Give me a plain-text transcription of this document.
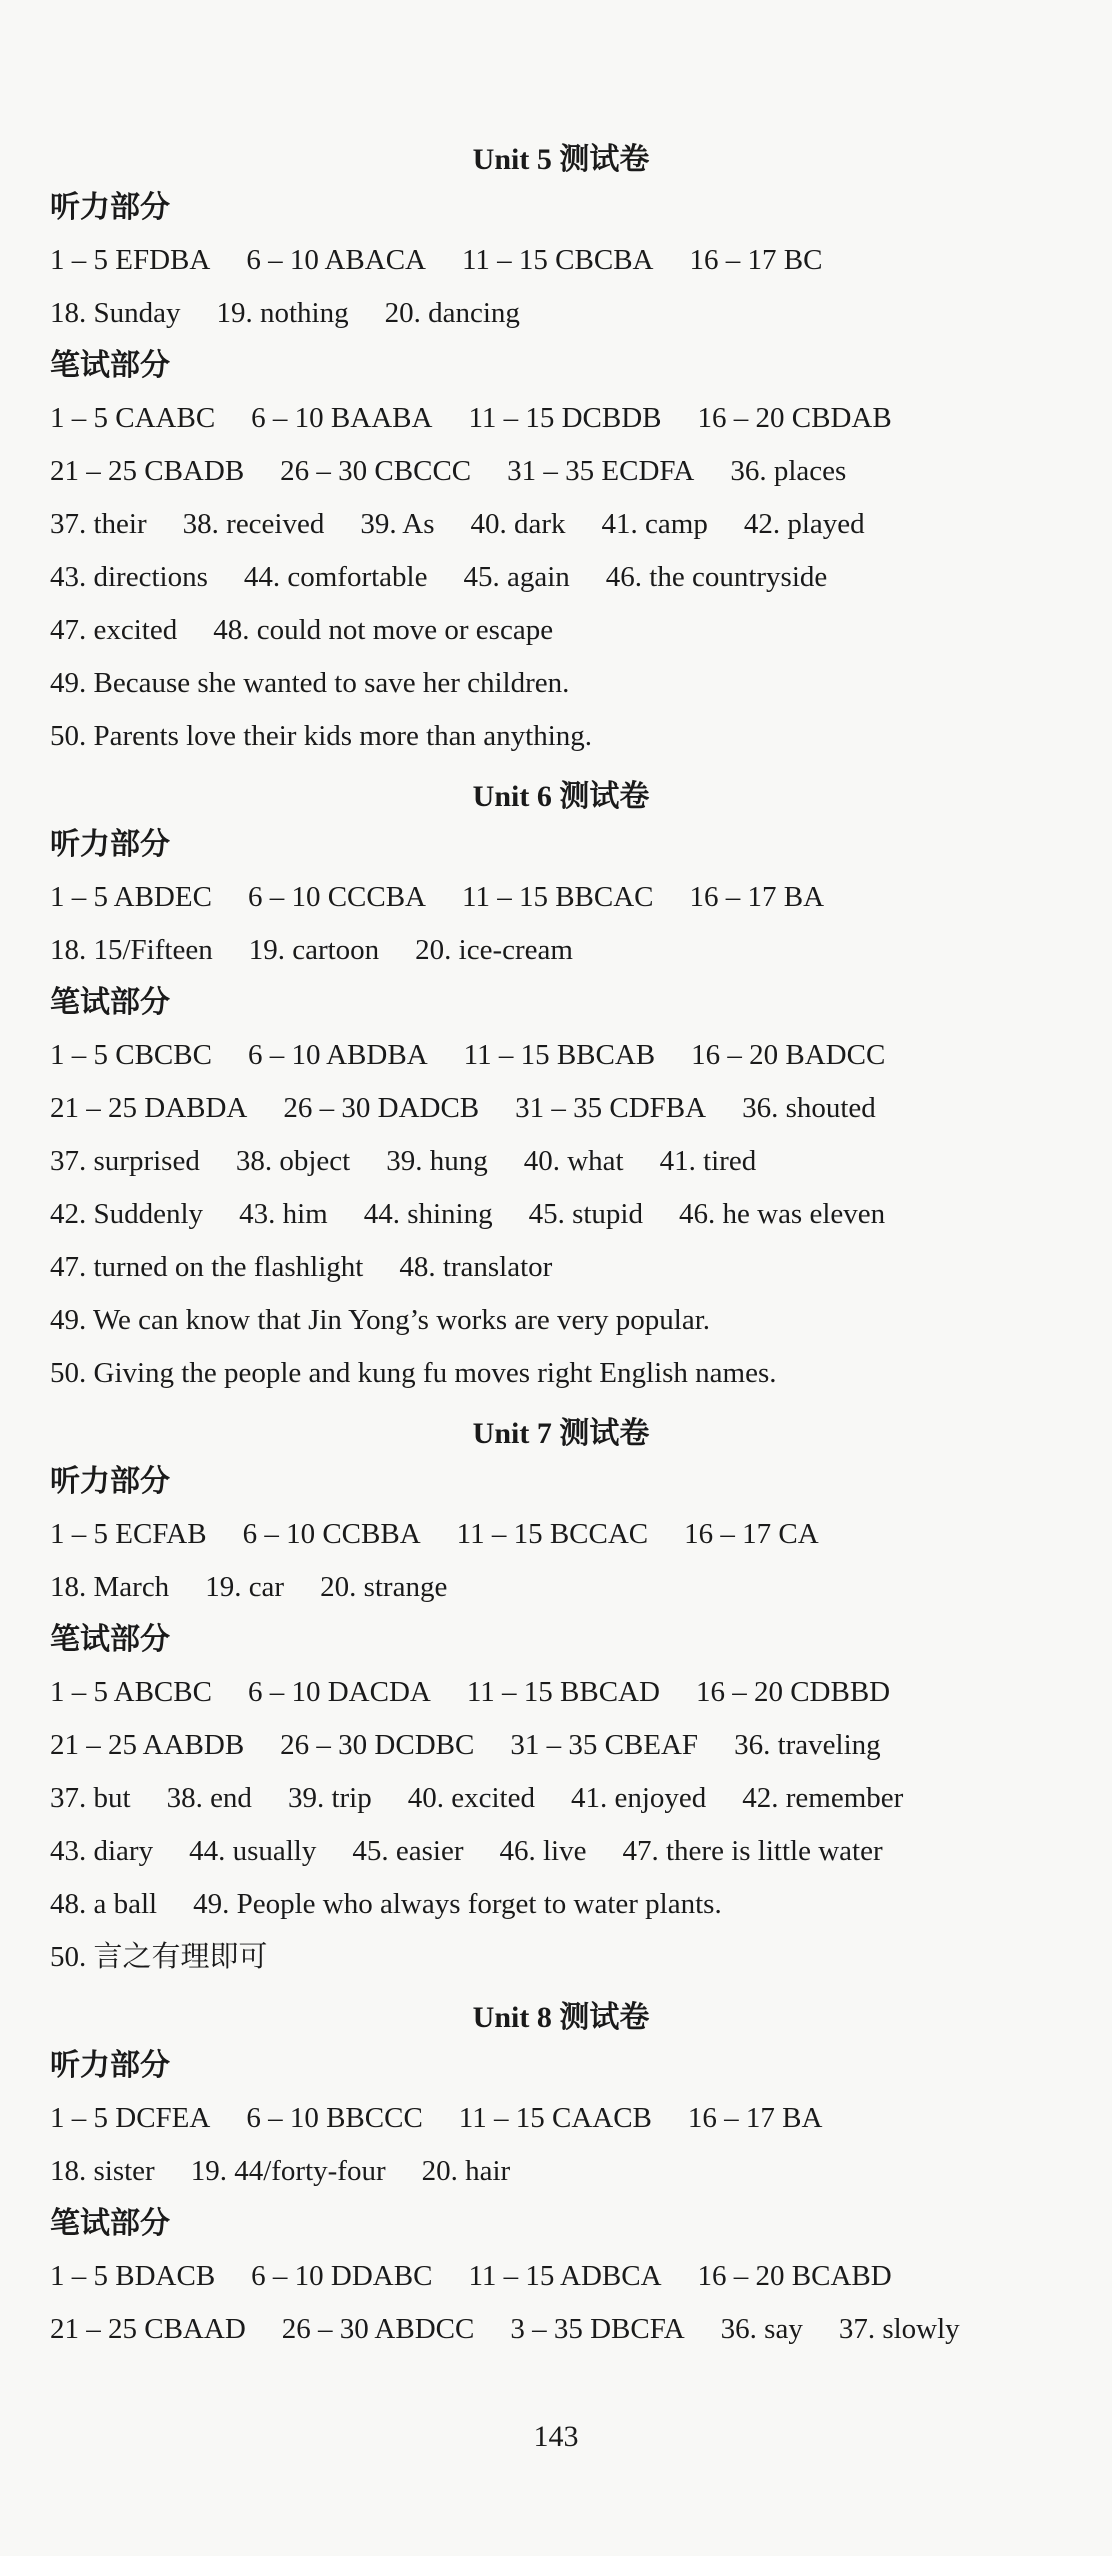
Unit 5 测试卷
听力部分
1 – 5 EFDBA 6 – 10 ABACA 11 – 15 CBCBA 16 – 17 BC
18. Sunday 19. nothing 20. dancing
笔试部分
1 – 5 CAABC 6 – 10 BAABA 11 – 15 DCBDB 16 – 20 CBDAB
21 – 25 CBADB 26 – 30 CBCCC 31 – 35 ECDFA 36. places
37. their 38. received 39. As 40. dark 41. camp 42. played
43. directions 44. comfortable 45. again 46. the countryside
47. excited 48. could not move or escape
49. Because she wanted to save her children.
50. Parents love their kids more than anything.
Unit 6 测试卷
听力部分
1 – 5 ABDEC 6 – 10 CCCBA 11 – 15 BBCAC 16 – 17 BA
18. 15/Fifteen 19. cartoon 20. ice-cream
笔试部分
1 – 5 CBCBC 6 – 10 ABDBA 11 – 15 BBCAB 16 – 20 BADCC
21 – 25 DABDA 26 – 30 DADCB 31 – 35 CDFBA 36. shouted
37. surprised 38. object 39. hung 40. what 41. tired
42. Suddenly 43. him 44. shining 45. stupid 46. he was eleven
47. turned on the flashlight 48. translator
49. We can know that Jin Yong’s works are very popular.
50. Giving the people and kung fu moves right English names.
Unit 7 测试卷
听力部分
1 – 5 ECFAB 6 – 10 CCBBA 11 – 15 BCCAC 16 – 17 CA
18. March 19. car 20. strange
笔试部分
1 – 5 ABCBC 6 – 10 DACDA 11 – 15 BBCAD 16 – 20 CDBBD
21 – 25 AABDB 26 – 30 DCDBC 31 – 35 CBEAF 36. traveling
37. but 38. end 39. trip 40. excited 41. enjoyed 42. remember
43. diary 44. usually 45. easier 46. live 47. there is little water
48. a ball 49. People who always forget to water plants.
50. 言之有理即可
Unit 8 测试卷
听力部分
1 – 5 DCFEA 6 – 10 BBCCC 11 – 15 CAACB 16 – 17 BA
18. sister 19. 44/forty-four 20. hair
笔试部分
1 – 5 BDACB 6 – 10 DDABC 11 – 15 ADBCA 16 – 20 BCABD
21 – 25 CBAAD 26 – 30 ABDCC 3 – 35 DBCFA 36. say 37. slowly
143
